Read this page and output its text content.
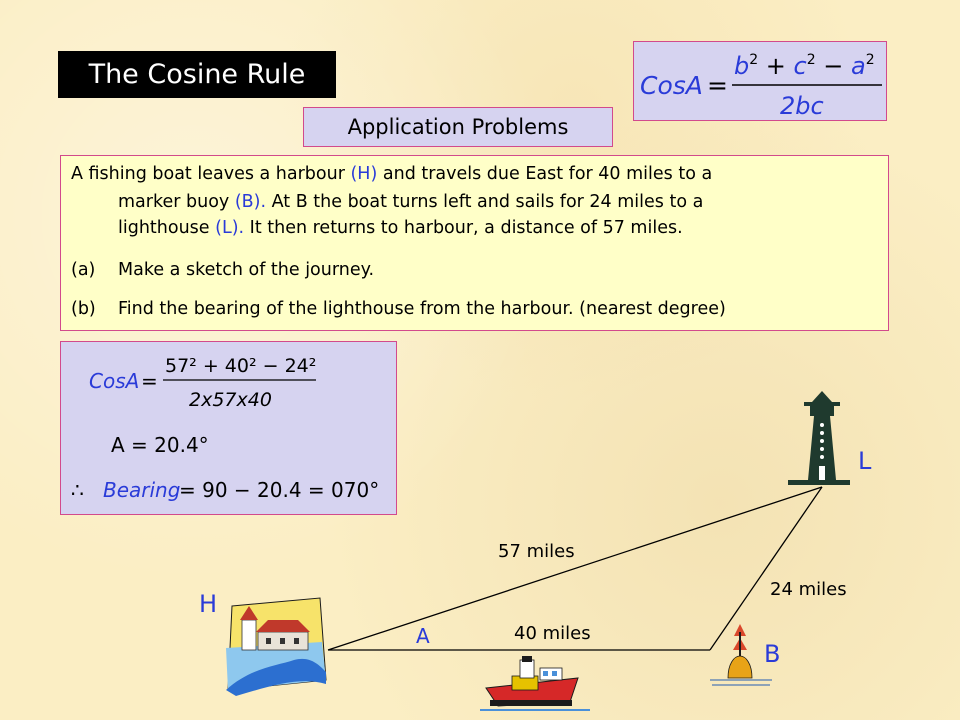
The Cosine Rule	CosA =
$b^2 + c^2 - a^2$
2bc
Application Problems
A fishing boat leaves a harbour (H) and travels due East for 40 miles to a
marker buoy (B). At B the boat turns left and sails for 24 miles to a
lighthouse (L). It then returns to harbour, a distance of 57 miles.
(a) Make a sketch of the journey.
(b) Find the bearing of the lighthouse from the harbour. (nearest degree)
CosA =
57² + 40² − 24²
2x57x40
A = 20.4°
∴ Bearing
= 90 − 20.4 = 070°
L
H
B
A
57 miles
40 miles
24 miles
